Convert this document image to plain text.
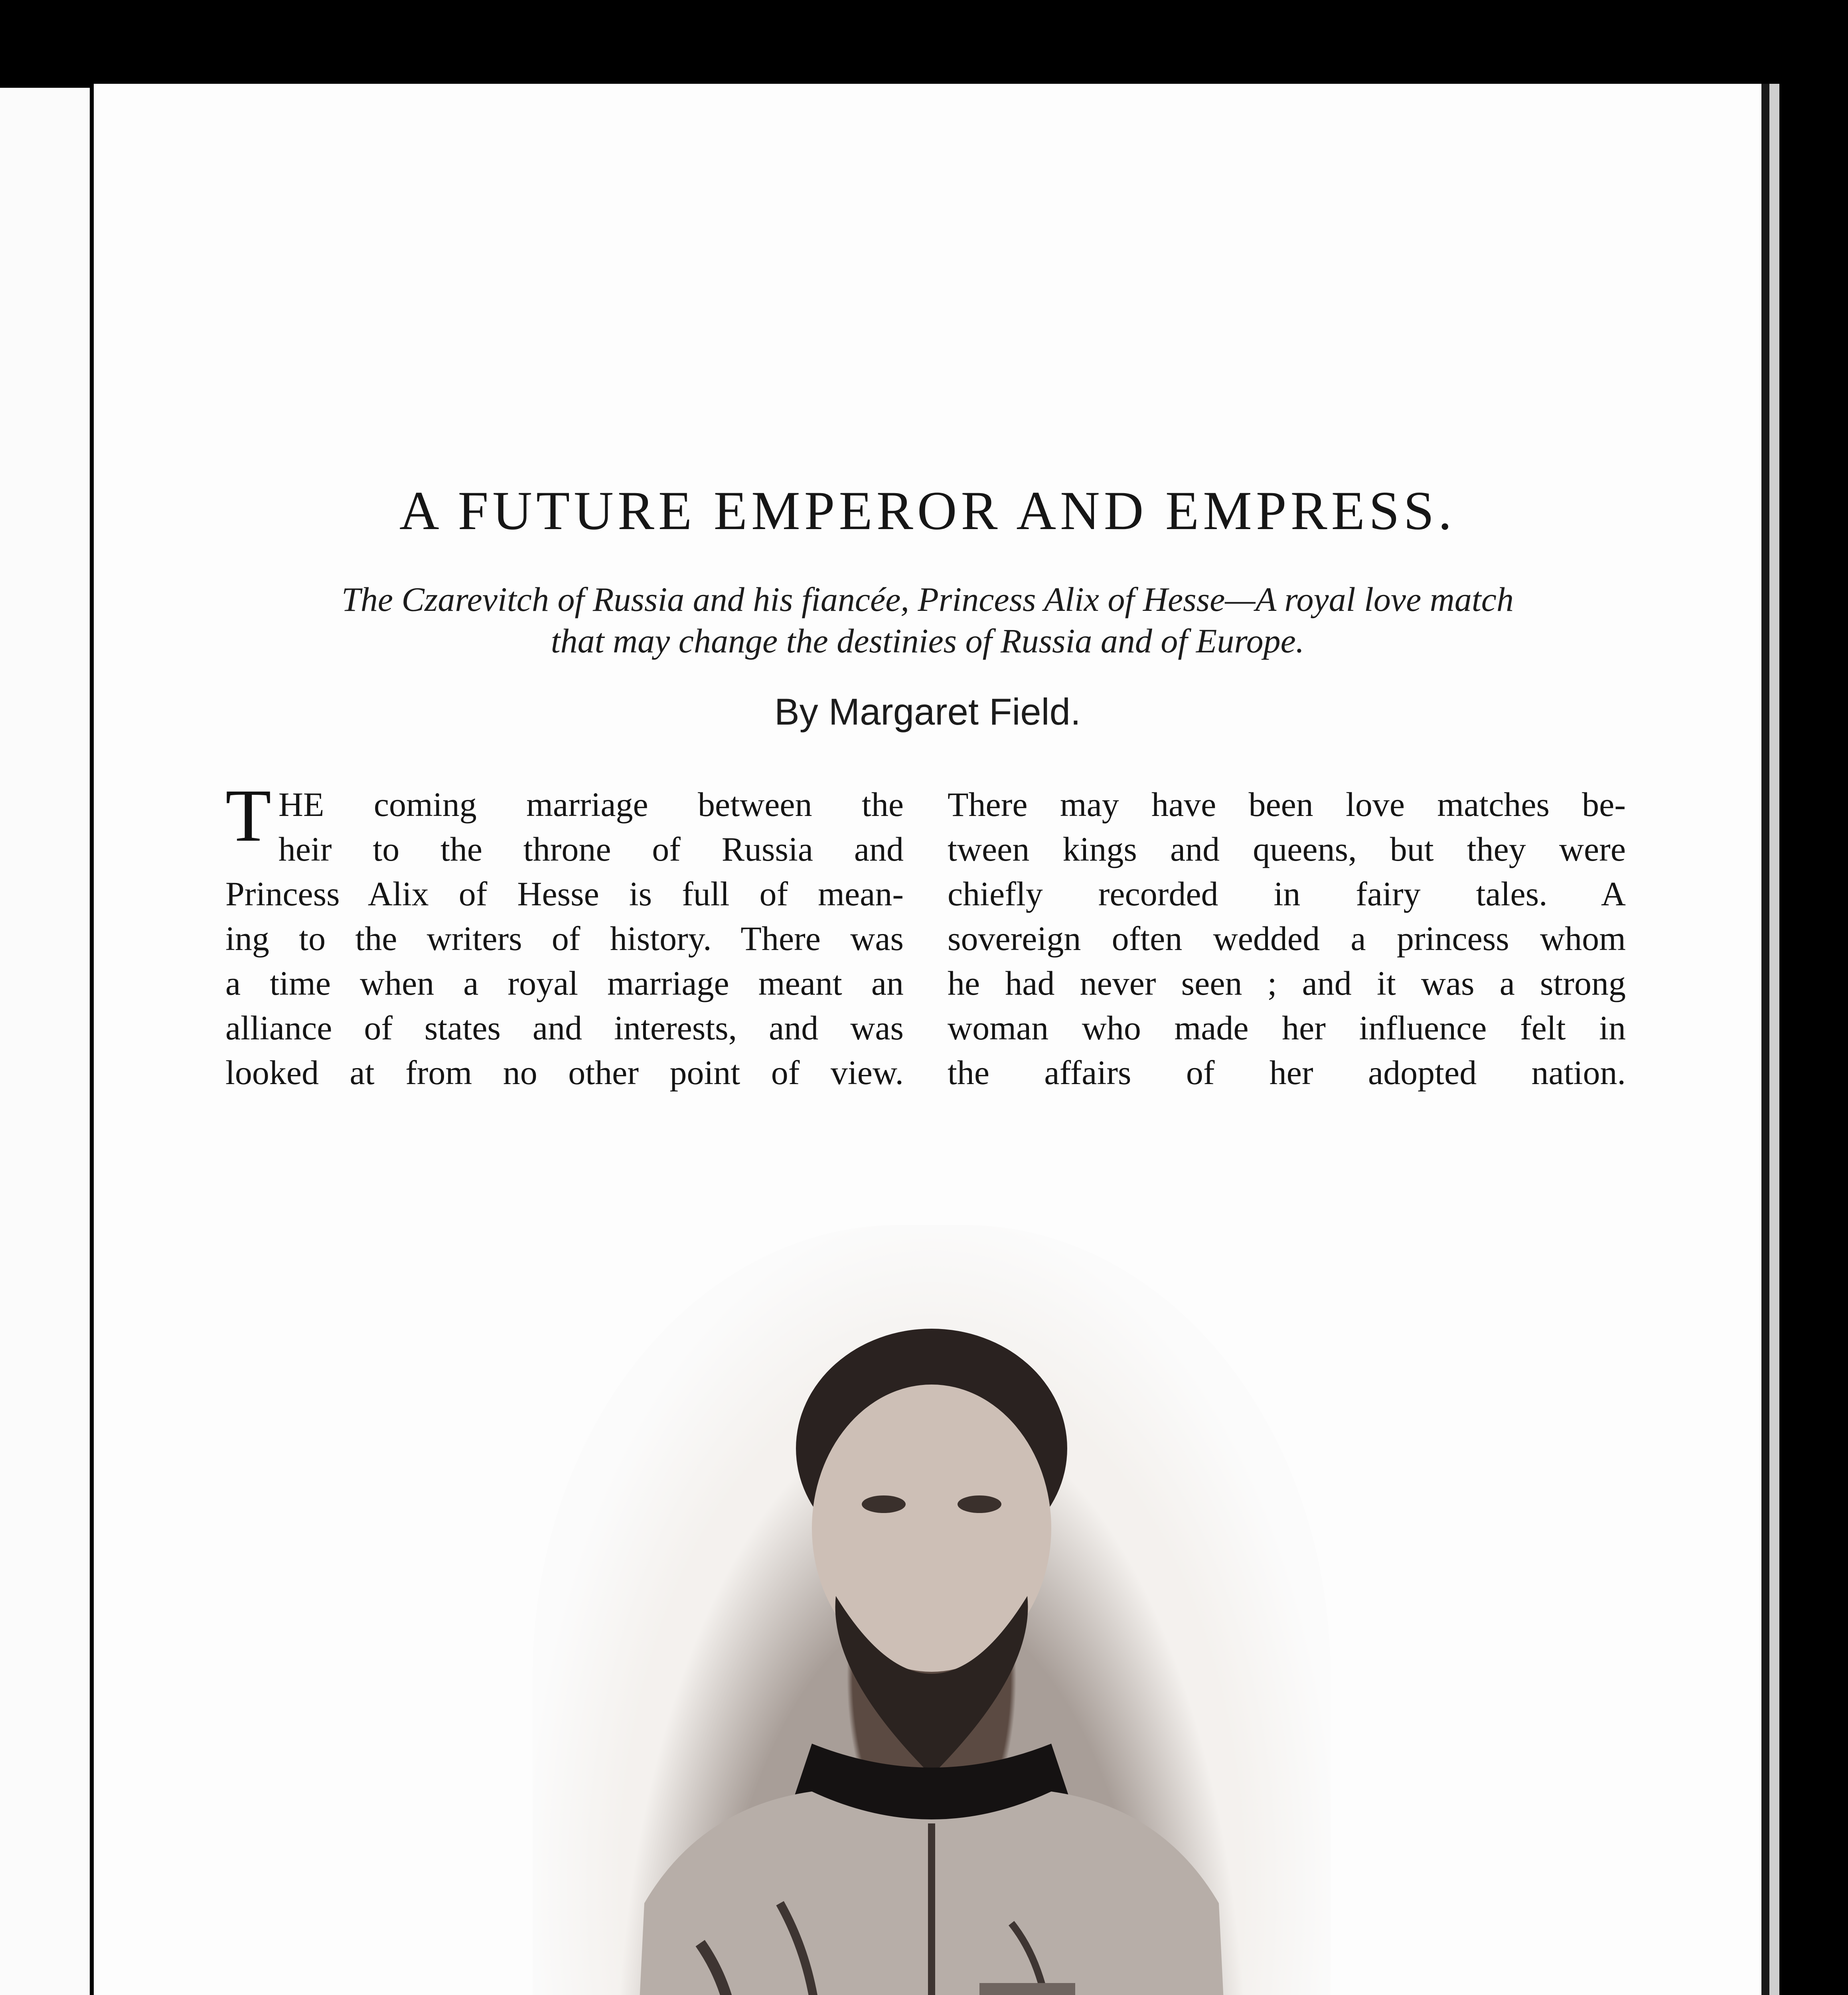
A FUTURE EMPEROR AND EMPRESS.
The Czarevitch of Russia and his fiancée, Princess Alix of Hesse—A royal love match
that may change the destinies of Russia and of Europe.

By Margaret Field.

T HE coming marriage between the
heir to the throne of Russia and
Princess Alix of Hesse is full of mean-
ing to the writers of history. There was
a time when a royal marriage meant an
alliance of states and interests, and was
looked at from no other point of view.
There may have been love matches be-
tween kings and queens, but they were
chiefly recorded in fairy tales. A
sovereign often wedded a princess whom
he had never seen ; and it was a strong
woman who made her influence felt in
the affairs of her adopted nation.
